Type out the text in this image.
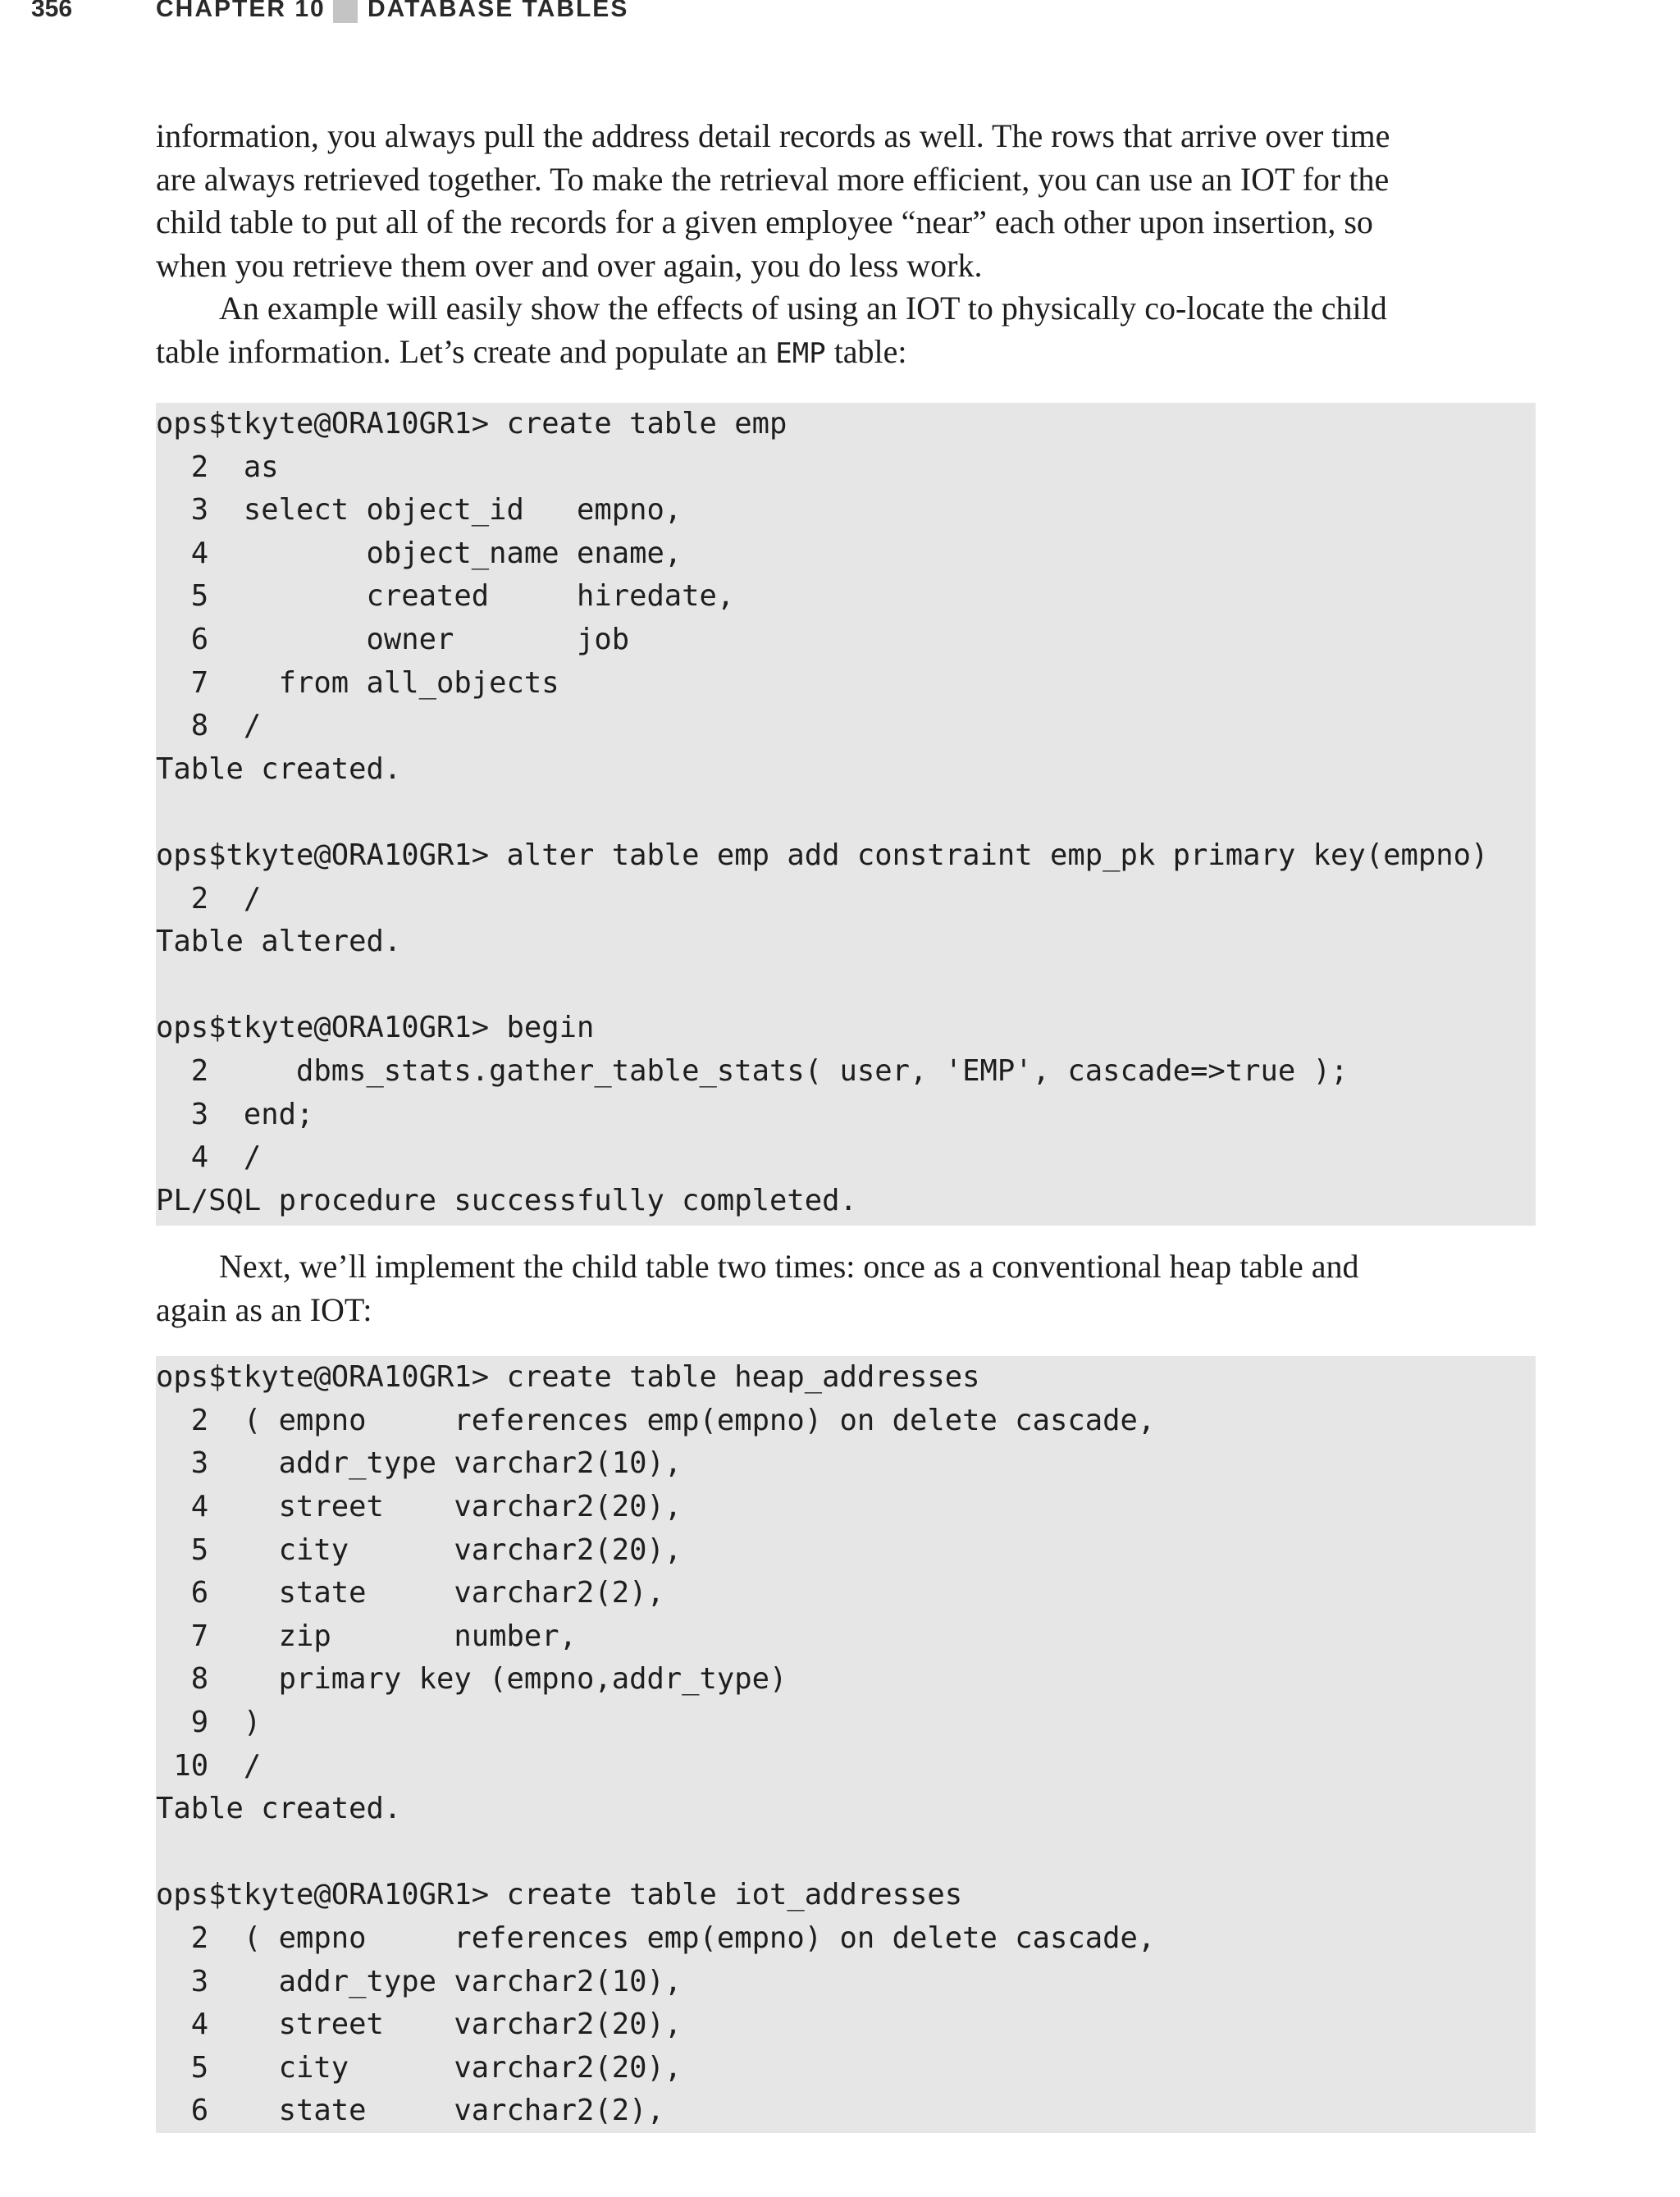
356	CHAPTER 10 DATABASE TABLES

information, you always pull the address detail records as well. The rows that arrive over time
are always retrieved together. To make the retrieval more efficient, you can use an IOT for the
child table to put all of the records for a given employee “near” each other upon insertion, so
when you retrieve them over and over again, you do less work.

An example will easily show the effects of using an IOT to physically co-locate the child
table information. Let’s create and populate an EMP table:

ops$tkyte@ORA10GR1> create table emp
2  as
3  select object_id   empno,
4         object_name ename,
5         created     hiredate,
6         owner       job
7    from all_objects
8  /
Table created.
ops$tkyte@ORA10GR1> alter table emp add constraint emp_pk primary key(empno)
2  /
Table altered.
ops$tkyte@ORA10GR1> begin
2     dbms_stats.gather_table_stats( user, 'EMP', cascade=>true );
3  end;
4  /
PL/SQL procedure successfully completed.

Next, we’ll implement the child table two times: once as a conventional heap table and
again as an IOT:

ops$tkyte@ORA10GR1> create table heap_addresses
2  ( empno     references emp(empno) on delete cascade,
3    addr_type varchar2(10),
4    street    varchar2(20),
5    city      varchar2(20),
6    state     varchar2(2),
7    zip       number,
8    primary key (empno,addr_type)
9  )
10  /
Table created.
ops$tkyte@ORA10GR1> create table iot_addresses
2  ( empno     references emp(empno) on delete cascade,
3    addr_type varchar2(10),
4    street    varchar2(20),
5    city      varchar2(20),
6    state     varchar2(2),
